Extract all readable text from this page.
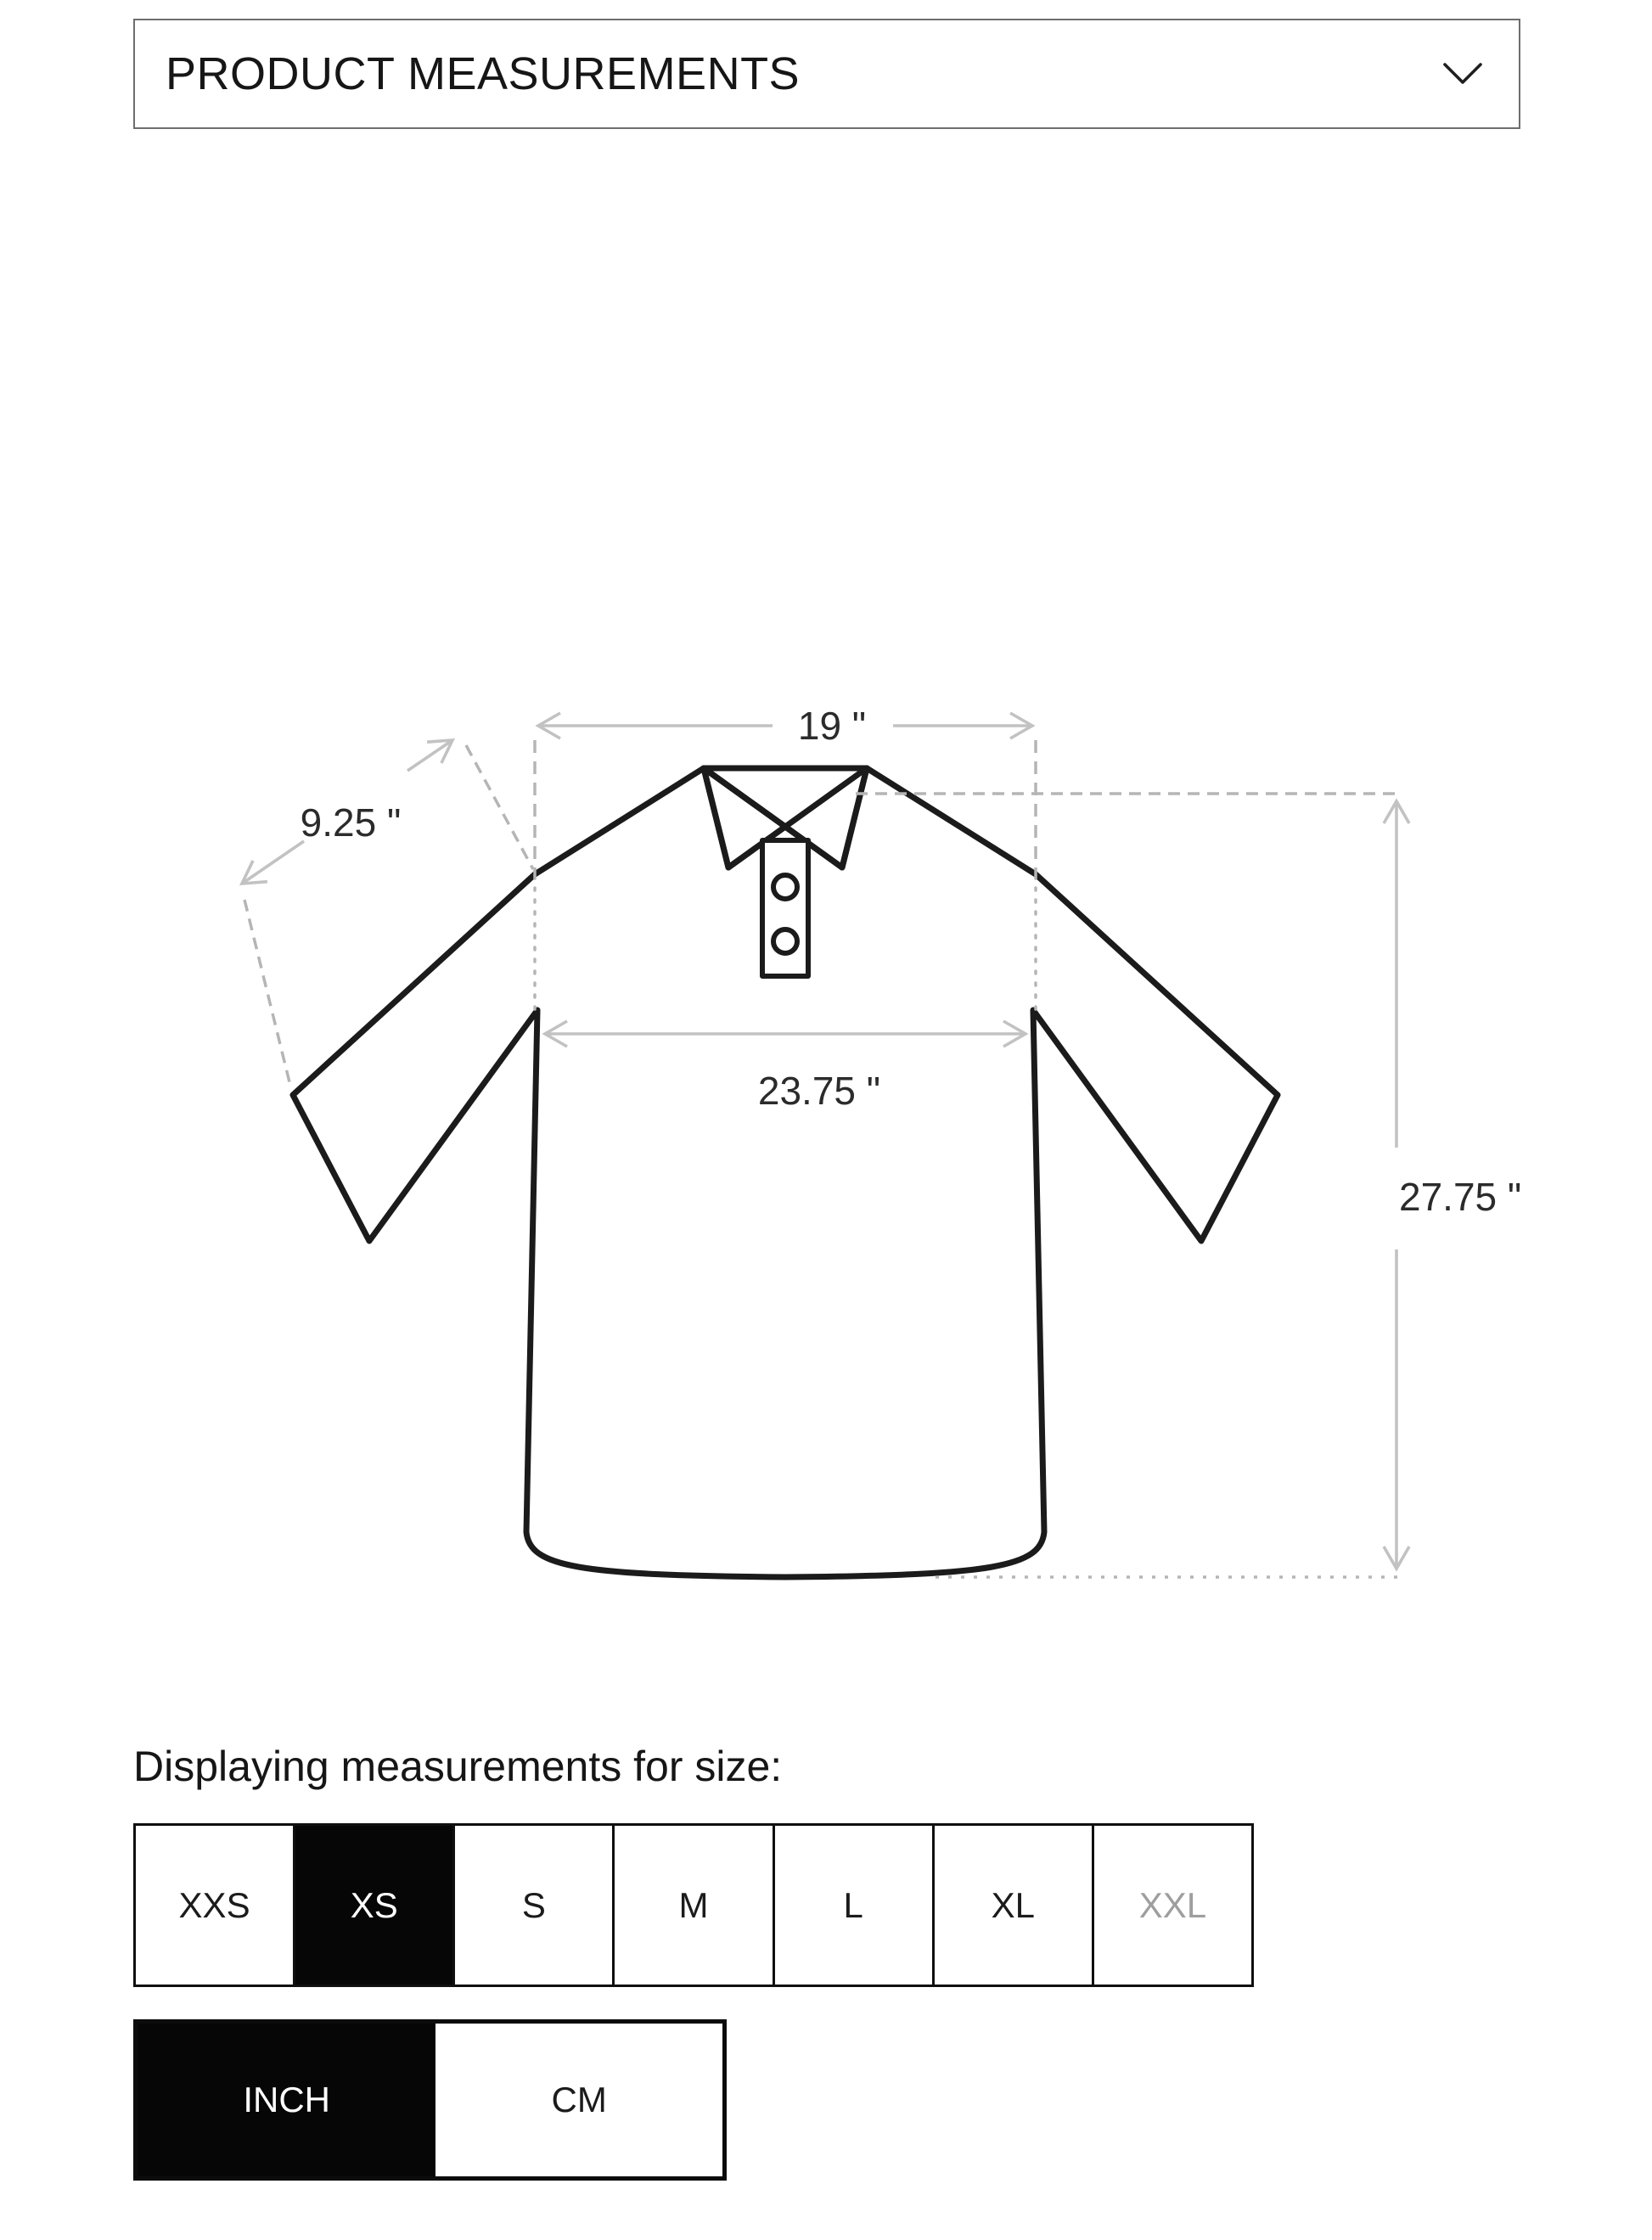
PRODUCT MEASUREMENTS
19 "
9.25 "
23.75 "
27.75 "
Displaying measurements for size:
XXS	XS	S	M	L	XL	XXL
INCH	CM
